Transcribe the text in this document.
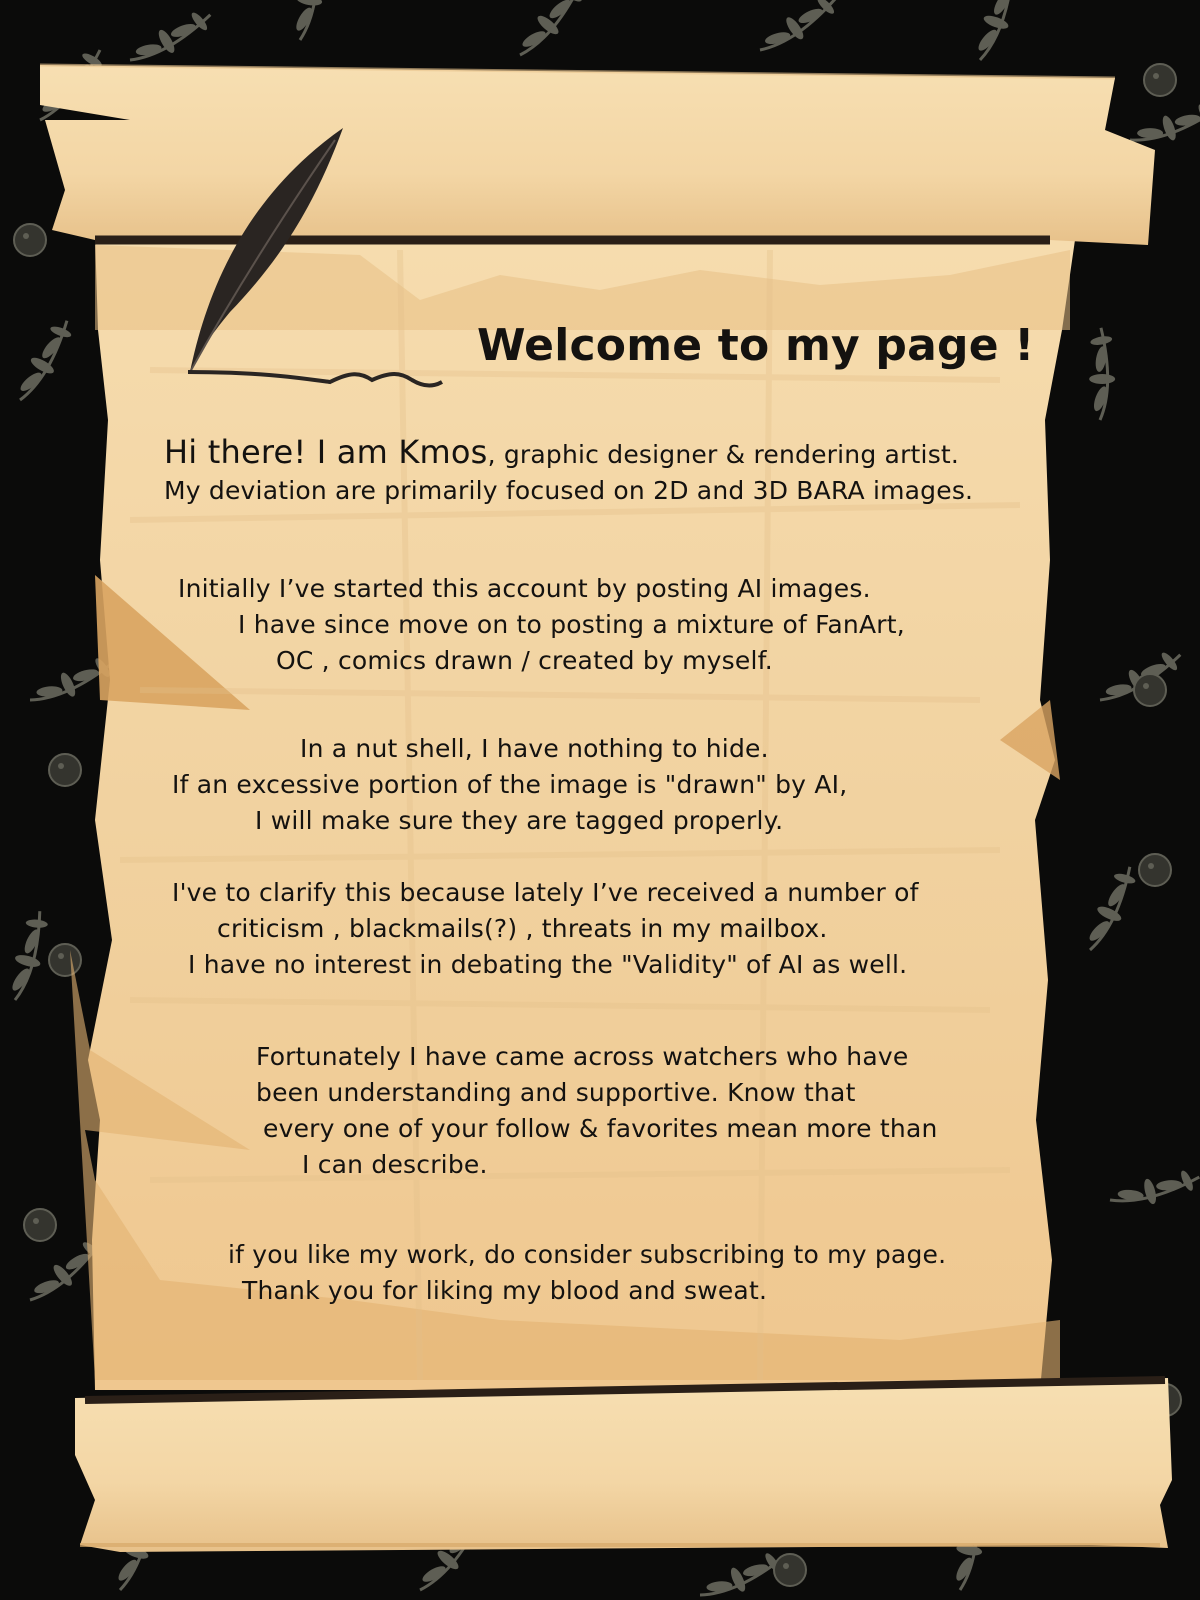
Welcome to my page !
Hi there! I am Kmos, graphic designer & rendering artist.
My deviation are primarily focused on 2D and 3D BARA images.
Initially I’ve started this account by posting AI images.
I have since move on to posting a mixture of FanArt,
OC , comics drawn / created by myself.
In a nut shell, I have nothing to hide.
If an excessive portion of the image is "drawn" by AI,
I will make sure they are tagged properly.
I've to clarify this because lately I’ve received a number of
criticism , blackmails(?) , threats in my mailbox.
I have no interest in debating the "Validity" of AI as well.
Fortunately I have came across watchers who have
been understanding and supportive. Know that
every one of your follow & favorites mean more than
I can describe.
if you like my work, do consider subscribing to my page.
Thank you for liking my blood and sweat.
